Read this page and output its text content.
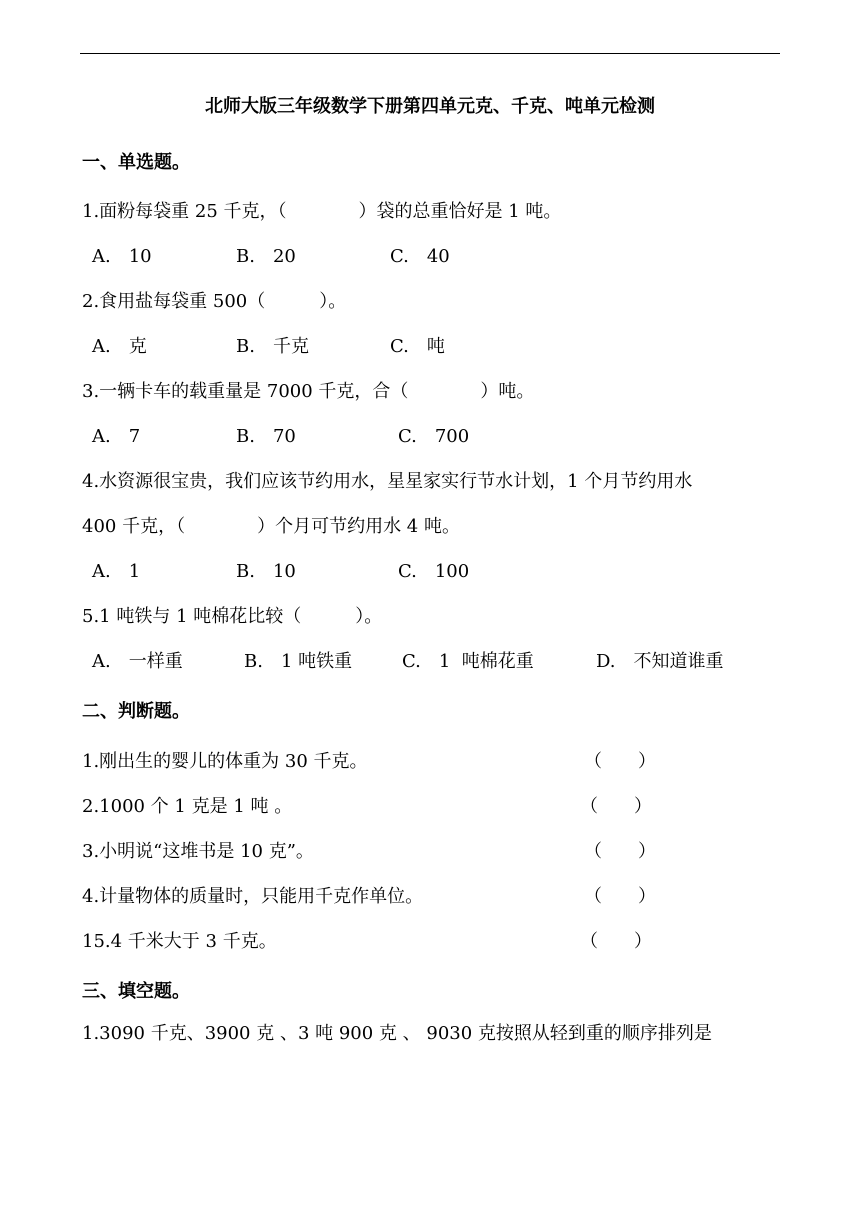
北师大版三年级数学下册第四单元克、千克、吨单元检测
一、单选题。
1.面粉每袋重 25 千克，（　　　　）袋的总重恰好是 1 吨。
A.　10	B.　20	C.　40
2.食用盐每袋重 500（　　　）。
A.　克	B.　千克	C.　吨
3.一辆卡车的载重量是 7000 千克，合（　　　　）吨。
A.　7	B.　70	C.　700
4.水资源很宝贵，我们应该节约用水，星星家实行节水计划，1 个月节约用水
400 千克，（　　　　）个月可节约用水 4 吨。
A.　1	B.　10	C.　100
5.1 吨铁与 1 吨棉花比较（　　　）。
A.　一样重	B.　1 吨铁重	C.　1  吨棉花重	D.　不知道谁重
二、判断题。
1.刚出生的婴儿的体重为 30 千克。	（　　）
2.1000 个 1 克是 1 吨 。	（　　）
3.小明说“这堆书是 10 克”。	（　　）
4.计量物体的质量时，只能用千克作单位。	（　　）
15.4 千米大于 3 千克。	（　　）
三、填空题。
1.3090 千克、3900 克 、3 吨 900 克 、 9030 克按照从轻到重的顺序排列是
